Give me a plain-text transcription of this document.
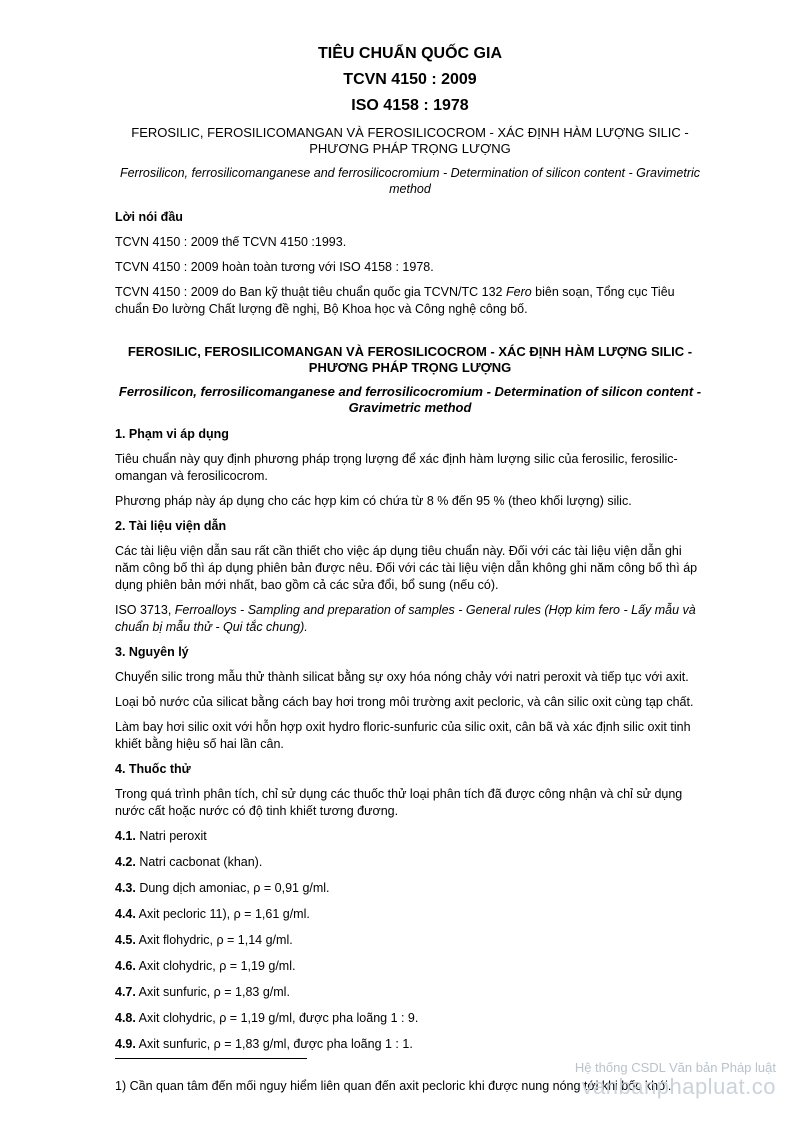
TIÊU CHUẨN QUỐC GIA
TCVN 4150 : 2009
ISO 4158 : 1978
FEROSILIC, FEROSILICOMANGAN VÀ FEROSILICOCROM - XÁC ĐỊNH HÀM LƯỢNG SILIC - PHƯƠNG PHÁP TRỌNG LƯỢNG
Ferrosilicon, ferrosilicomanganese and ferrosilicocromium - Determination of silicon content - Gravimetric method
Lời nói đầu

TCVN 4150 : 2009 thế TCVN 4150 :1993.

TCVN 4150 : 2009 hoàn toàn tương với ISO 4158 : 1978.

TCVN 4150 : 2009 do Ban kỹ thuật tiêu chuẩn quốc gia TCVN/TC 132 Fero biên soạn, Tổng cục Tiêu chuẩn Đo lường Chất lượng đề nghị, Bộ Khoa học và Công nghệ công bố.

FEROSILIC, FEROSILICOMANGAN VÀ FEROSILICOCROM - XÁC ĐỊNH HÀM LƯỢNG SILIC - PHƯƠNG PHÁP TRỌNG LƯỢNG
Ferrosilicon, ferrosilicomanganese and ferrosilicocromium - Determination of silicon content - Gravimetric method
1. Phạm vi áp dụng

Tiêu chuẩn này quy định phương pháp trọng lượng để xác định hàm lượng silic của ferosilic, ferosilic-omangan và ferosilicocrom.

Phương pháp này áp dụng cho các hợp kim có chứa từ 8 % đến 95 % (theo khối lượng) silic.

2. Tài liệu viện dẫn

Các tài liệu viện dẫn sau rất cần thiết cho việc áp dụng tiêu chuẩn này. Đối với các tài liệu viện dẫn ghi năm công bố thì áp dụng phiên bản được nêu. Đối với các tài liệu viện dẫn không ghi năm công bố thì áp dụng phiên bản mới nhất, bao gồm cả các sửa đổi, bổ sung (nếu có).

ISO 3713, Ferroalloys - Sampling and preparation of samples - General rules (Hợp kim fero - Lấy mẫu và chuẩn bị mẫu thử - Qui tắc chung).

3. Nguyên lý

Chuyển silic trong mẫu thử thành silicat bằng sự oxy hóa nóng chảy với natri peroxit và tiếp tục với axit.

Loại bỏ nước của silicat bằng cách bay hơi trong môi trường axit pecloric, và cân silic oxit cùng tạp chất.

Làm bay hơi silic oxit với hỗn hợp oxit hydro floric-sunfuric của silic oxit, cân bã và xác định silic oxit tinh khiết bằng hiệu số hai lần cân.

4. Thuốc thử

Trong quá trình phân tích, chỉ sử dụng các thuốc thử loại phân tích đã được công nhận và chỉ sử dụng nước cất hoặc nước có độ tinh khiết tương đương.

4.1. Natri peroxit
4.2. Natri cacbonat (khan).
4.3. Dung dịch amoniac, ρ = 0,91 g/ml.
4.4. Axit pecloric 11), ρ = 1,61 g/ml.
4.5. Axit flohydric, ρ = 1,14 g/ml.
4.6. Axit clohydric, ρ = 1,19 g/ml.
4.7. Axit sunfuric, ρ = 1,83 g/ml.
4.8. Axit clohydric, ρ = 1,19 g/ml, được pha loãng 1 : 9.
4.9. Axit sunfuric, ρ = 1,83 g/ml, được pha loãng 1 : 1.
1) Cần quan tâm đến mối nguy hiểm liên quan đến axit pecloric khi được nung nóng tới khi bốc khói.
Hệ thống CSDL Văn bản Pháp luật
vanbanphapluat.co
